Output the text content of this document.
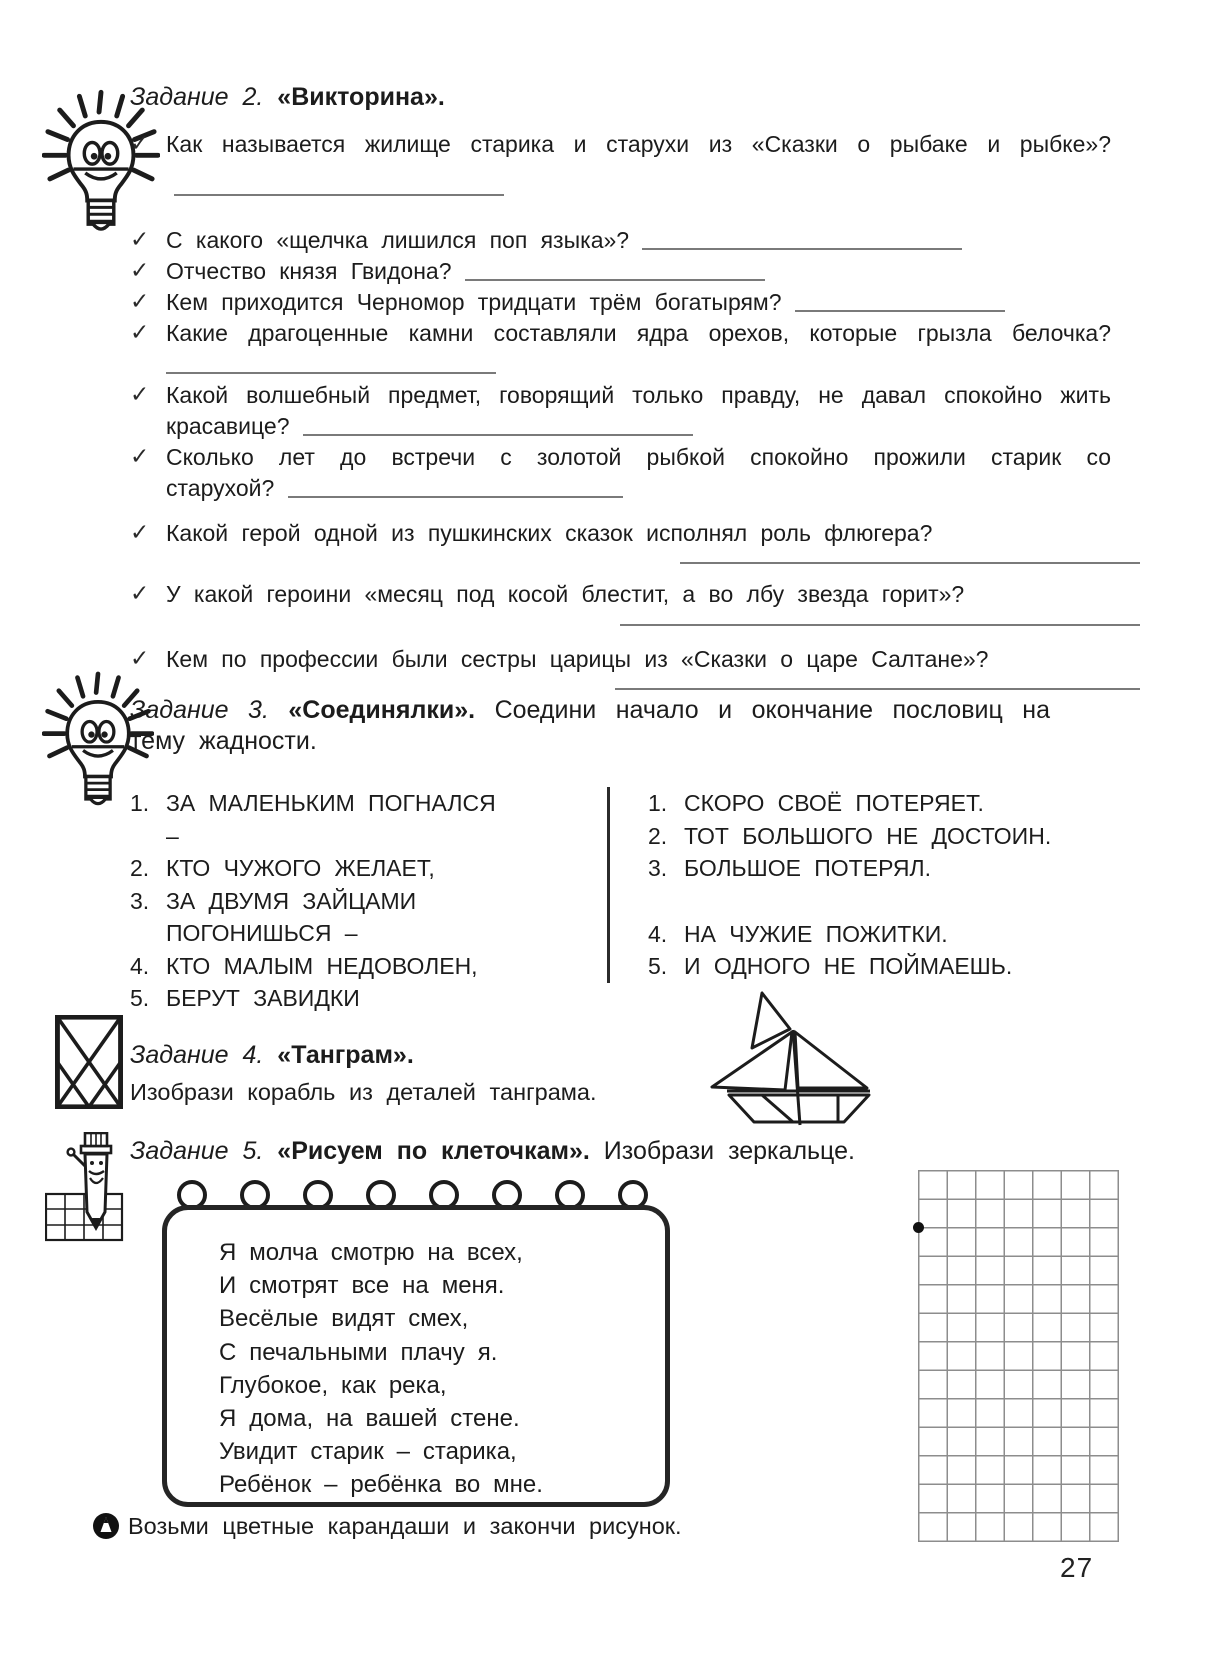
Задание 2. «Викторина».
✓ Как называется жилище старика и старухи из «Сказки о рыбаке и рыбке»?

✓ С какого «щелчка лишился поп языка»?

✓ Отчество князя Гвидона?

✓ Кем приходится Черномор тридцати трём богатырям?

✓ Какие драгоценные камни составляли ядра орехов, которые грызла белочка?

✓ Какой волшебный предмет, говорящий только правду, не давал спокойно жить красавице?

✓ Сколько лет до встречи с золотой рыбкой спокойно прожили старик со старухой?

✓ Какой герой одной из пушкинских сказок исполнял роль флюгера?

✓ У какой героини «месяц под косой блестит, а во лбу звезда горит»?

✓ Кем по профессии были сестры царицы из «Сказки о царе Салтане»?

Задание 3. «Соединялки». Соедини начало и окончание пословиц на тему жадности.
1. ЗА МАЛЕНЬКИМ ПОГНАЛСЯ –
2. КТО ЧУЖОГО ЖЕЛАЕТ,
3. ЗА ДВУМЯ ЗАЙЦАМИ ПОГОНИШЬСЯ –
4. КТО МАЛЫМ НЕДОВОЛЕН,
5. БЕРУТ ЗАВИДКИ
1. СКОРО СВОЁ ПОТЕРЯЕТ.
2. ТОТ БОЛЬШОГО НЕ ДОСТОИН.
3. БОЛЬШОЕ ПОТЕРЯЛ.
4. НА ЧУЖИЕ ПОЖИТКИ.
5. И ОДНОГО НЕ ПОЙМАЕШЬ.
Задание 4. «Танграм».
Изобрази корабль из деталей танграма.
Задание 5. «Рисуем по клеточкам». Изобрази зеркальце.
Я молча смотрю на всех,
И смотрят все на меня.
Весёлые видят смех,
С печальными плачу я.
Глубокое, как река,
Я дома, на вашей стене.
Увидит старик – старика,
Ребёнок – ребёнка во мне.
Возьми цветные карандаши и закончи рисунок.
27
